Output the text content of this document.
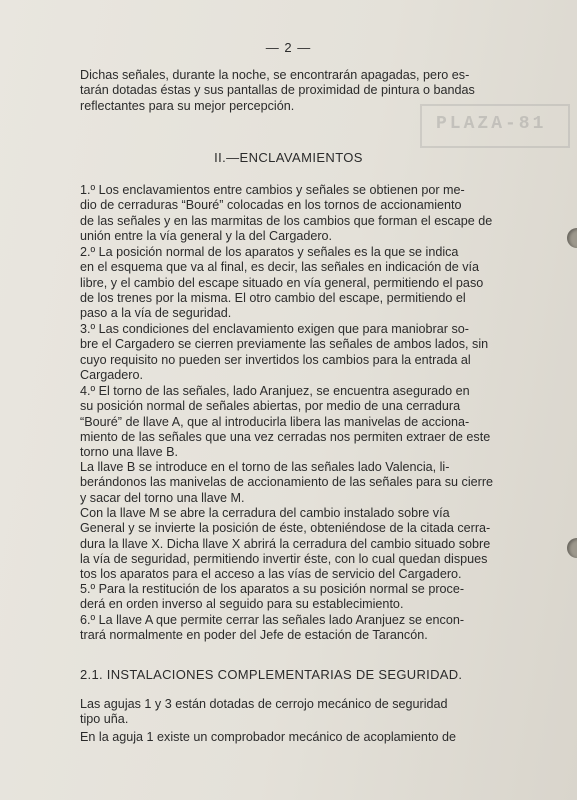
PLAZA-81
— 2 —

Dichas señales, durante la noche, se encontrarán apagadas, pero es-

tarán dotadas éstas y sus pantallas de proximidad de pintura o bandas

reflectantes para su mejor percepción.

II.—ENCLAVAMIENTOS

1.º Los enclavamientos entre cambios y señales se obtienen por me-

dio de cerraduras “Bouré” colocadas en los tornos de accionamiento

de las señales y en las marmitas de los cambios que forman el escape de

unión entre la vía general y la del Cargadero.

2.º La posición normal de los aparatos y señales es la que se indica

en el esquema que va al final, es decir, las señales en indicación de vía

libre, y el cambio del escape situado en vía general, permitiendo el paso

de los trenes por la misma. El otro cambio del escape, permitiendo el

paso a la vía de seguridad.

3.º Las condiciones del enclavamiento exigen que para maniobrar so-

bre el Cargadero se cierren previamente las señales de ambos lados, sin

cuyo requisito no pueden ser invertidos los cambios para la entrada al

Cargadero.

4.º El torno de las señales, lado Aranjuez, se encuentra asegurado en

su posición normal de señales abiertas, por medio de una cerradura

“Bouré” de llave A, que al introducirla libera las manivelas de acciona-

miento de las señales que una vez cerradas nos permiten extraer de este

torno una llave B.

La llave B se introduce en el torno de las señales lado Valencia, li-

berándonos las manivelas de accionamiento de las señales para su cierre

y sacar del torno una llave M.

Con la llave M se abre la cerradura del cambio instalado sobre vía

General y se invierte la posición de éste, obteniéndose de la citada cerra-

dura la llave X. Dicha llave X abrirá la cerradura del cambio situado sobre

la vía de seguridad, permitiendo invertir éste, con lo cual quedan dispues

tos los aparatos para el acceso a las vías de servicio del Cargadero.

5.º Para la restitución de los aparatos a su posición normal se proce-

derá en orden inverso al seguido para su establecimiento.

6.º La llave A que permite cerrar las señales lado Aranjuez se encon-

trará normalmente en poder del Jefe de estación de Tarancón.

2.1. INSTALACIONES COMPLEMENTARIAS DE SEGURIDAD.

Las agujas 1 y 3 están dotadas de cerrojo mecánico de seguridad

tipo uña.

En la aguja 1 existe un comprobador mecánico de acoplamiento de
